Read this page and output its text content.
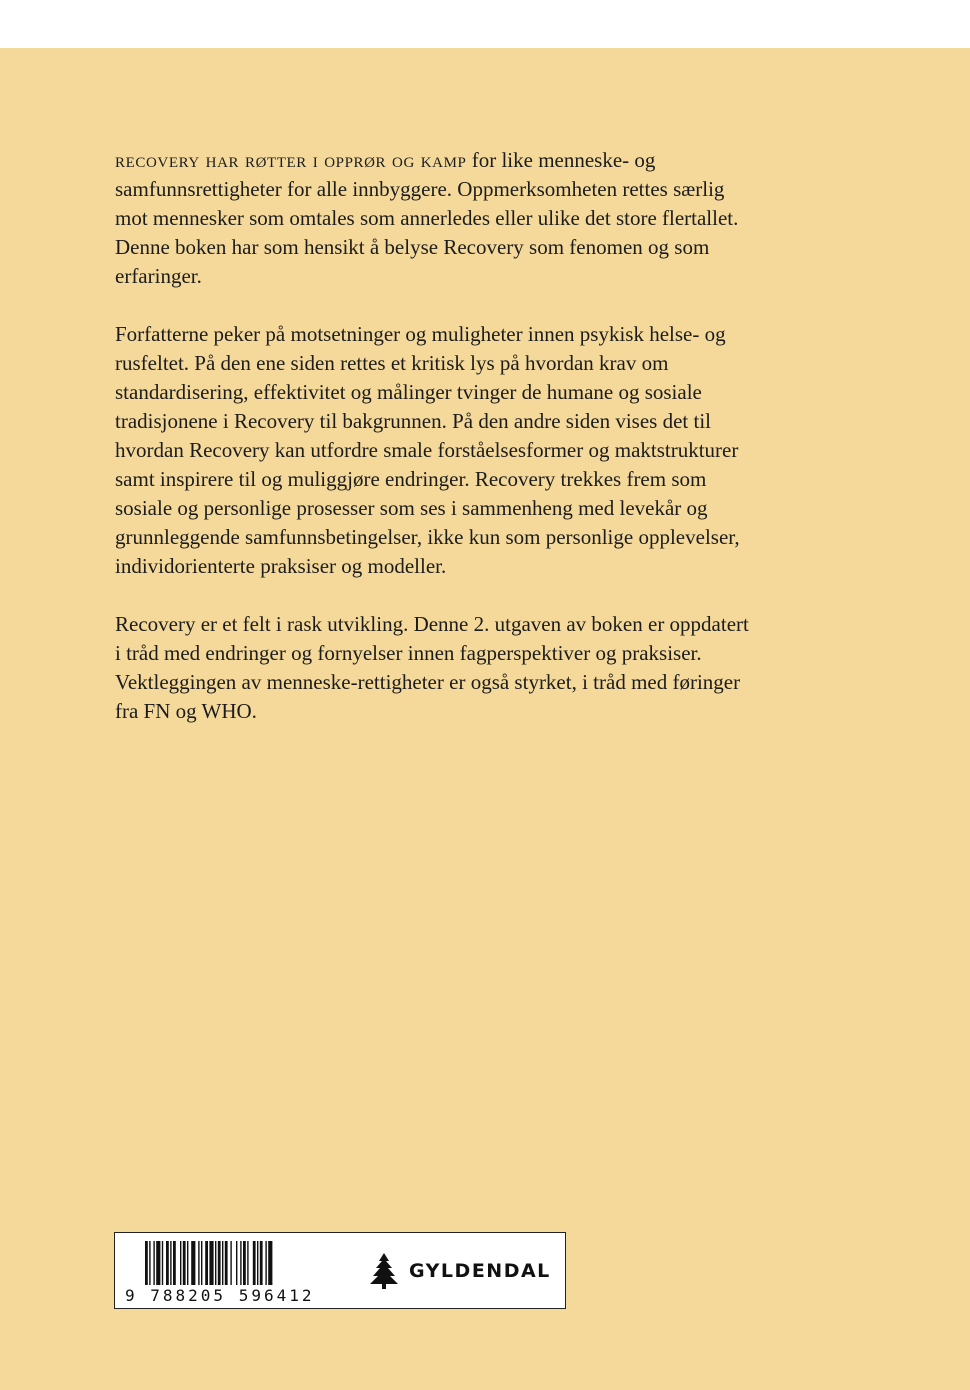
recovery har røtter i opprør og kamp for like menneske- og samfunnsrettigheter for alle innbyggere. Oppmerksomheten rettes særlig mot mennesker som omtales som annerledes eller ulike det store flertallet. Denne boken har som hensikt å belyse Recovery som fenomen og som erfaringer.

Forfatterne peker på motsetninger og muligheter innen psykisk helse- og rusfeltet. På den ene siden rettes et kritisk lys på hvordan krav om standardisering, effektivitet og målinger tvinger de humane og sosiale tradisjonene i Recovery til bakgrunnen. På den andre siden vises det til hvordan Recovery kan utfordre smale forståelsesformer og maktstrukturer samt inspirere til og muliggjøre endringer. Recovery trekkes frem som sosiale og personlige prosesser som ses i sammenheng med levekår og grunnleggende samfunnsbetingelser, ikke kun som personlige opplevelser, individorienterte praksiser og modeller.

Recovery er et felt i rask utvikling. Denne 2. utgaven av boken er oppdatert i tråd med endringer og fornyelser innen fagperspektiver og praksiser. Vektleggingen av menneske-rettigheter er også styrket, i tråd med føringer fra FN og WHO.

9 788205 596412
GYLDENDAL
